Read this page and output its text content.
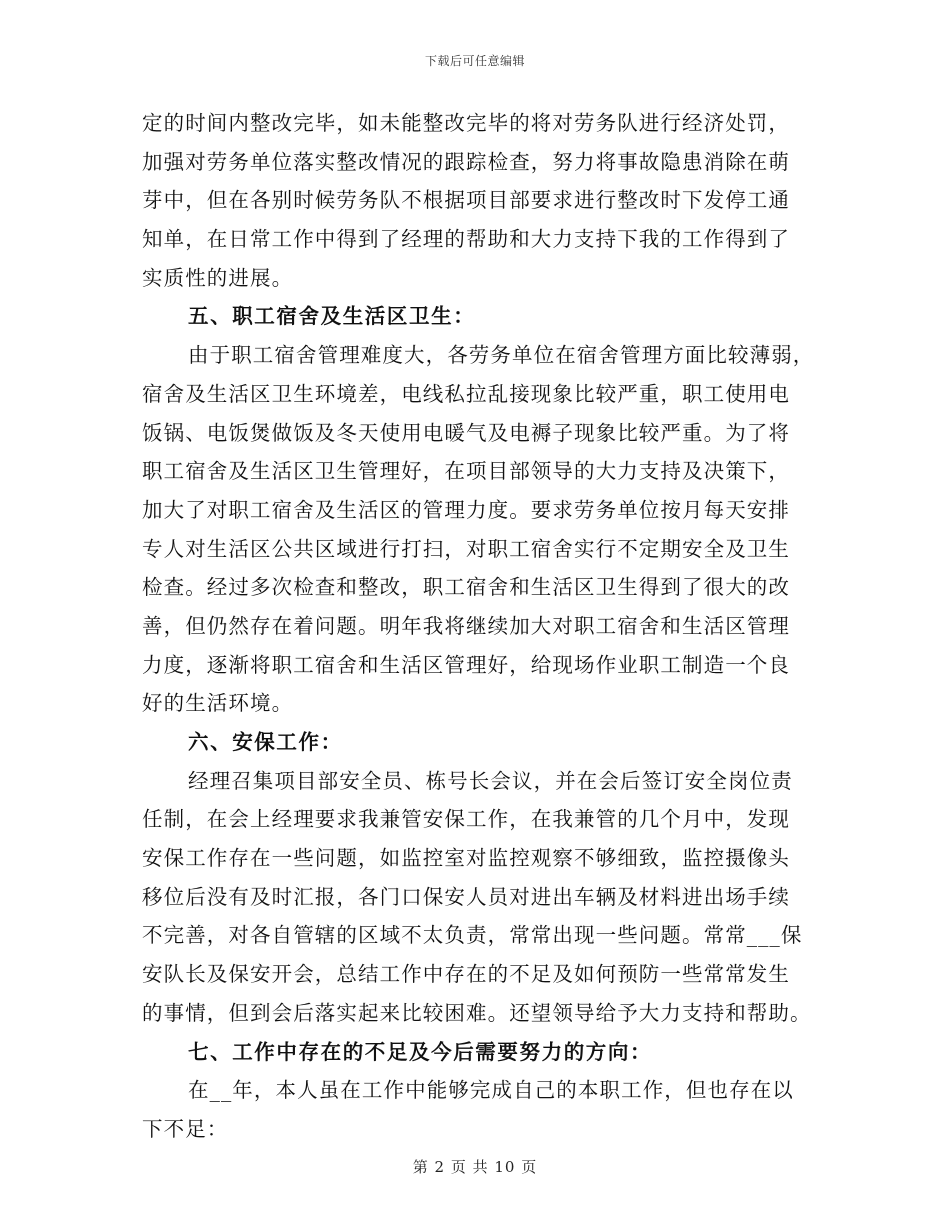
下载后可任意编辑
定的时间内整改完毕，如未能整改完毕的将对劳务队进行经济处罚，
加强对劳务单位落实整改情况的跟踪检查，努力将事故隐患消除在萌
芽中，但在各别时候劳务队不根据项目部要求进行整改时下发停工通
知单，在日常工作中得到了经理的帮助和大力支持下我的工作得到了
实质性的进展。
五、职工宿舍及生活区卫生：
由于职工宿舍管理难度大，各劳务单位在宿舍管理方面比较薄弱，
宿舍及生活区卫生环境差，电线私拉乱接现象比较严重，职工使用电
饭锅、电饭煲做饭及冬天使用电暖气及电褥子现象比较严重。为了将
职工宿舍及生活区卫生管理好，在项目部领导的大力支持及决策下，
加大了对职工宿舍及生活区的管理力度。要求劳务单位按月每天安排
专人对生活区公共区域进行打扫，对职工宿舍实行不定期安全及卫生
检查。经过多次检查和整改，职工宿舍和生活区卫生得到了很大的改
善，但仍然存在着问题。明年我将继续加大对职工宿舍和生活区管理
力度，逐渐将职工宿舍和生活区管理好，给现场作业职工制造一个良
好的生活环境。
六、安保工作：
经理召集项目部安全员、栋号长会议，并在会后签订安全岗位责
任制，在会上经理要求我兼管安保工作，在我兼管的几个月中，发现
安保工作存在一些问题，如监控室对监控观察不够细致，监控摄像头
移位后没有及时汇报，各门口保安人员对进出车辆及材料进出场手续
不完善，对各自管辖的区域不太负责，常常出现一些问题。常常___保
安队长及保安开会，总结工作中存在的不足及如何预防一些常常发生
的事情，但到会后落实起来比较困难。还望领导给予大力支持和帮助。
七、工作中存在的不足及今后需要努力的方向：
在__年，本人虽在工作中能够完成自己的本职工作，但也存在以
下不足：
第 2 页 共 10 页
